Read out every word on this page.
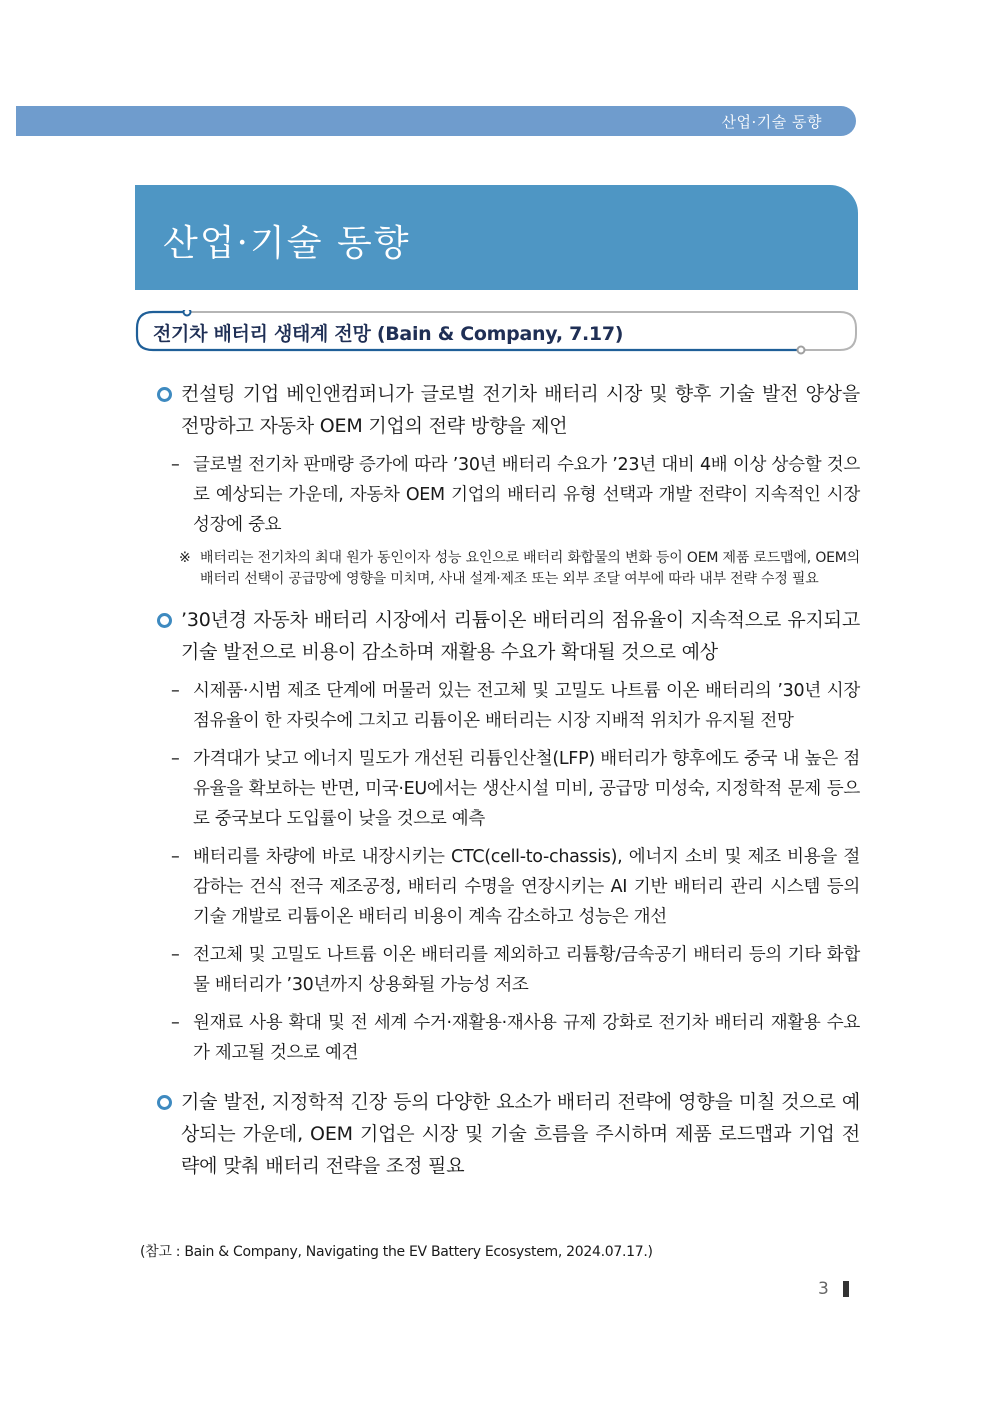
산업·기술 동향
산업·기술 동향
전기차 배터리 생태계 전망 (Bain & Company, 7.17)
컨설팅 기업 베인앤컴퍼니가 글로벌 전기차 배터리 시장 및 향후 기술 발전 양상을 전망하고 자동차 OEM 기업의 전략 방향을 제언
– 글로벌 전기차 판매량 증가에 따라 ’30년 배터리 수요가 ’23년 대비 4배 이상 상승할 것으로 예상되는 가운데, 자동차 OEM 기업의 배터리 유형 선택과 개발 전략이 지속적인 시장 성장에 중요
※ 배터리는 전기차의 최대 원가 동인이자 성능 요인으로 배터리 화합물의 변화 등이 OEM 제품 로드맵에, OEM의 배터리 선택이 공급망에 영향을 미치며, 사내 설계·제조 또는 외부 조달 여부에 따라 내부 전략 수정 필요
’30년경 자동차 배터리 시장에서 리튬이온 배터리의 점유율이 지속적으로 유지되고 기술 발전으로 비용이 감소하며 재활용 수요가 확대될 것으로 예상
– 시제품·시범 제조 단계에 머물러 있는 전고체 및 고밀도 나트륨 이온 배터리의 ’30년 시장 점유율이 한 자릿수에 그치고 리튬이온 배터리는 시장 지배적 위치가 유지될 전망
– 가격대가 낮고 에너지 밀도가 개선된 리튬인산철(LFP) 배터리가 향후에도 중국 내 높은 점유율을 확보하는 반면, 미국·EU에서는 생산시설 미비, 공급망 미성숙, 지정학적 문제 등으로 중국보다 도입률이 낮을 것으로 예측
– 배터리를 차량에 바로 내장시키는 CTC(cell-to-chassis), 에너지 소비 및 제조 비용을 절감하는 건식 전극 제조공정, 배터리 수명을 연장시키는 AI 기반 배터리 관리 시스템 등의 기술 개발로 리튬이온 배터리 비용이 계속 감소하고 성능은 개선
– 전고체 및 고밀도 나트륨 이온 배터리를 제외하고 리튬황/금속공기 배터리 등의 기타 화합물 배터리가 ’30년까지 상용화될 가능성 저조
– 원재료 사용 확대 및 전 세계 수거·재활용·재사용 규제 강화로 전기차 배터리 재활용 수요가 제고될 것으로 예견
기술 발전, 지정학적 긴장 등의 다양한 요소가 배터리 전략에 영향을 미칠 것으로 예상되는 가운데, OEM 기업은 시장 및 기술 흐름을 주시하며 제품 로드맵과 기업 전략에 맞춰 배터리 전략을 조정 필요
(참고 : Bain & Company, Navigating the EV Battery Ecosystem, 2024.07.17.)
3
